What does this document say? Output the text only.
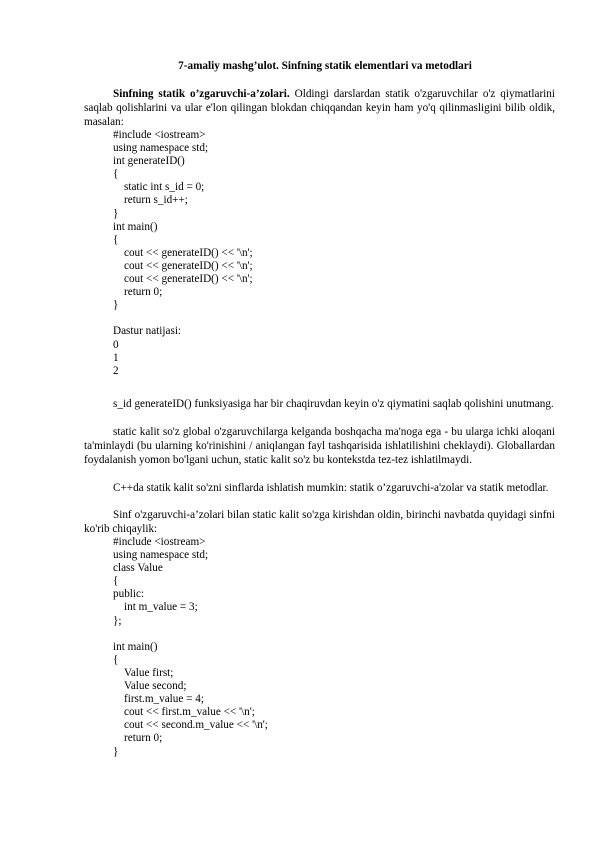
7-amaliy mashg’ulot. Sinfning statik elementlari va metodlari
Sinfning statik o’zgaruvchi-a’zolari. Oldingi darslardan statik o'zgaruvchilar o'z qiymatlarini saqlab qolishlarini va ular e'lon qilingan blokdan chiqqandan keyin ham yo'q qilinmasligini bilib oldik, masalan:
#include <iostream>
using namespace std;
int generateID()
{
static int s_id = 0;
return s_id++;
}
int main()
{
cout << generateID() << '\n';
cout << generateID() << '\n';
cout << generateID() << '\n';
return 0;
}
Dastur natijasi:
0
1
2
s_id generateID() funksiyasiga har bir chaqiruvdan keyin o'z qiymatini saqlab qolishini unutmang.
static kalit so'z global o'zgaruvchilarga kelganda boshqacha ma'noga ega - bu ularga ichki aloqani ta'minlaydi (bu ularning ko'rinishini / aniqlangan fayl tashqarisida ishlatilishini cheklaydi). Globallardan foydalanish yomon bo'lgani uchun, static kalit so'z bu kontekstda tez-tez ishlatilmaydi.
C++da statik kalit so'zni sinflarda ishlatish mumkin: statik o’zgaruvchi-a'zolar va statik metodlar.
Sinf o'zgaruvchi-a’zolari bilan static kalit so'zga kirishdan oldin, birinchi navbatda quyidagi sinfni ko'rib chiqaylik:
#include <iostream>
using namespace std;
class Value
{
public:
int m_value = 3;
};
int main()
{
Value first;
Value second;
first.m_value = 4;
cout << first.m_value << '\n';
cout << second.m_value << '\n';
return 0;
}
